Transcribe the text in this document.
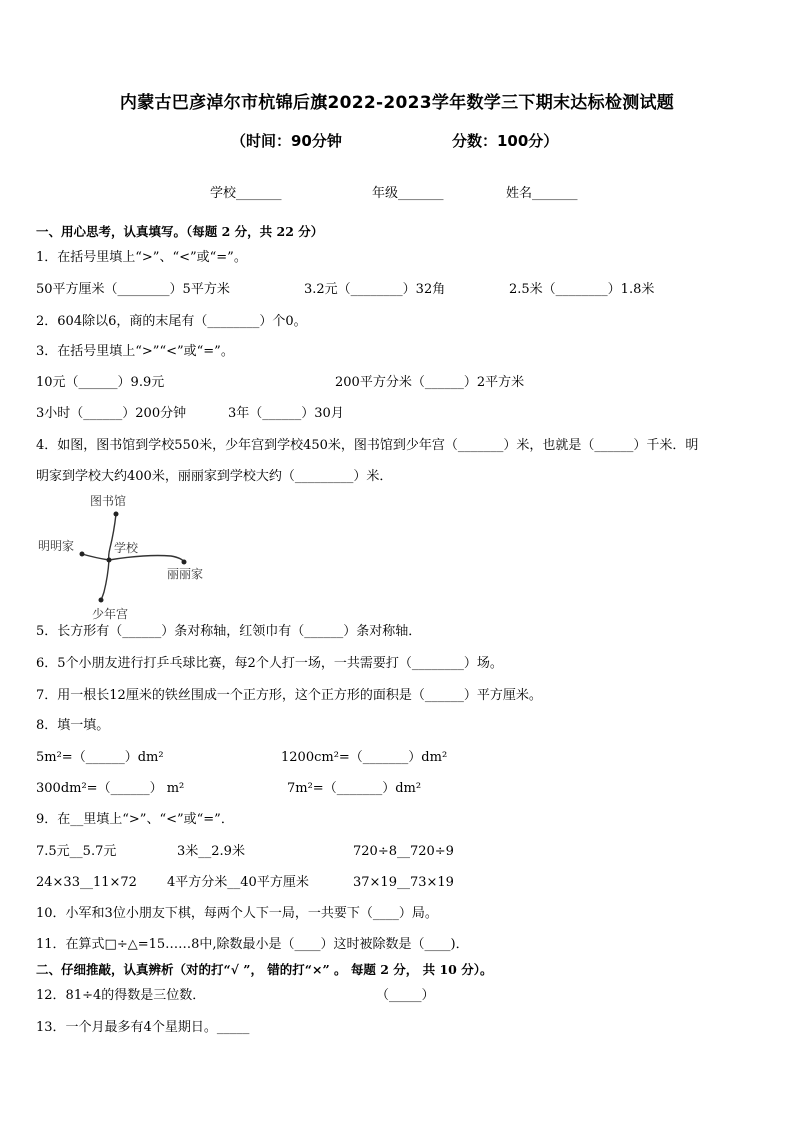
内蒙古巴彦淖尔市杭锦后旗2022-2023学年数学三下期末达标检测试题
（时间：90分钟	分数：100分）
学校_______	年级_______	姓名_______
一、用心思考，认真填写。（每题 2 分，共 22 分）
1．在括号里填上“>”、“<”或“=”。
50平方厘米（________）5平方米	3.2元（________）32角	2.5米（________）1.8米
2．604除以6，商的末尾有（________）个0。
3．在括号里填上“>”“<”或“=”。
10元（______）9.9元	200平方分米（______）2平方米
3小时（______）200分钟	3年（______）30月
4．如图，图书馆到学校550米，少年宫到学校450米，图书馆到少年宫（_______）米，也就是（______）千米．明
明家到学校大约400米，丽丽家到学校大约（_________）米．
图书馆
明明家	学校
丽丽家
少年宫
5．长方形有（______）条对称轴，红领巾有（______）条对称轴．
6．5个小朋友进行打乒乓球比赛，每2个人打一场，一共需要打（________）场。
7．用一根长12厘米的铁丝围成一个正方形，这个正方形的面积是（______）平方厘米。
8．填一填。
5m²=（______）dm²	1200cm²=（_______）dm²
300dm²=（______） m²	7m²=（_______）dm²
9．在__里填上“>”、“<”或“=”．
7.5元__5.7元	3米__2.9米	720÷8__720÷9
24×33__11×72 4平方分米__40平方厘米	37×19__73×19
10．小军和3位小朋友下棋，每两个人下一局，一共要下（____）局。
11．在算式□÷△=15……8中,除数最小是（____）这时被除数是（____)．
二、仔细推敲，认真辨析（对的打“√ ”， 错的打“×” 。 每题 2 分， 共 10 分）。
12．81÷4的得数是三位数．	（_____）
13．一个月最多有4个星期日。_____
